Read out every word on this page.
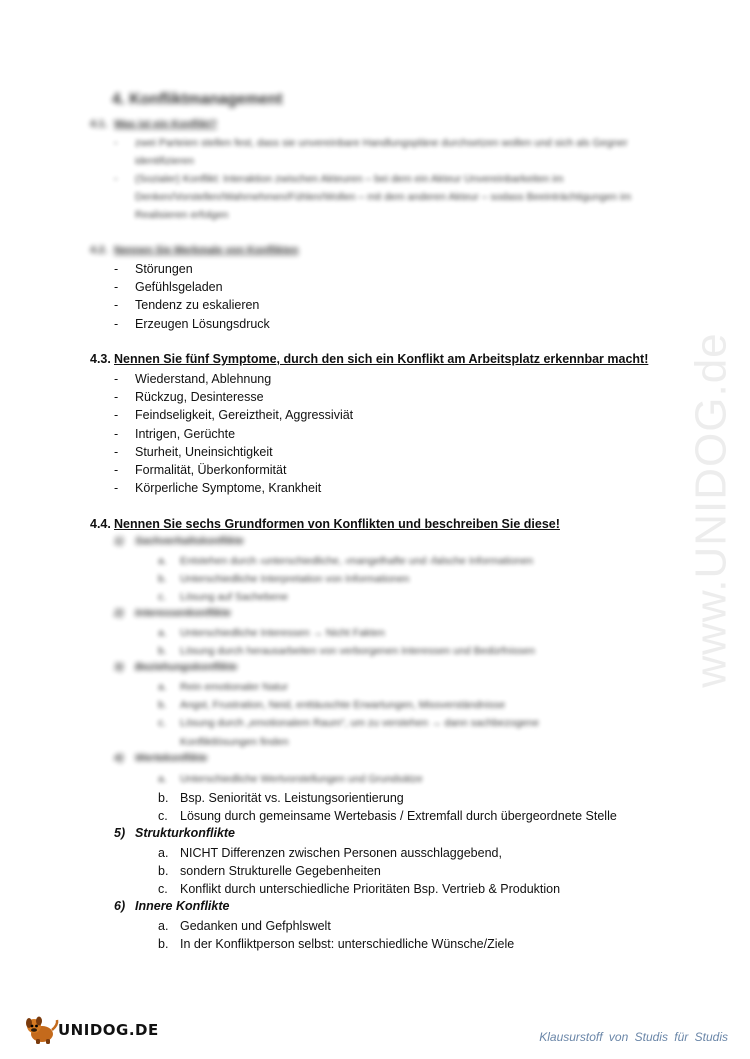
www.UNIDOG.de
4. Konfliktmanagement
4.1. Was ist ein Konflikt?
- zwei Parteien stellen fest, dass sie unvereinbare Handlungspläne durchsetzen wollen und sich als Gegner identifizieren
- (Sozialer) Konflikt: Interaktion zwischen Akteuren – bei dem ein Akteur Unvereinbarkeiten im Denken/Vorstellen/Wahrnehmen/Fühlen/Wollen – mit dem anderen Akteur – sodass Beeinträchtigungen im Realisieren erfolgen
4.2. Nennen Sie Merkmale von Konflikten
- Störungen
- Gefühlsgeladen
- Tendenz zu eskalieren
- Erzeugen Lösungsdruck
4.3. Nennen Sie fünf Symptome, durch den sich ein Konflikt am Arbeitsplatz erkennbar macht!
- Wiederstand, Ablehnung
- Rückzug, Desinteresse
- Feindseligkeit, Gereiztheit, Aggressiviät
- Intrigen, Gerüchte
- Sturheit, Uneinsichtigkeit
- Formalität, Überkonformität
- Körperliche Symptome, Krankheit
4.4. Nennen Sie sechs Grundformen von Konflikten und beschreiben Sie diese!
1) Sachverhaltskonflikte
a. Entstehen durch ›unterschiedliche, ›mangelhafte und ›falsche Informationen
b. Unterschiedliche Interpretation von Informationen
c. Lösung auf Sachebene
2) Interessenkonflikte
a. Unterschiedliche Interessen → Nicht Fakten
b. Lösung durch herausarbeiten von verborgenen Interessen und Bedürfnissen
3) Beziehungskonflikte
a. Rein emotionaler Natur
b. Angst, Frustration, Neid, enttäuschte Erwartungen, Missverständnisse
c. Lösung durch „emotionalem Raum“, um zu verstehen → dann sachbezogene
Konfliktlösungen finden
4) Wertekonflikte
a. Unterschiedliche Wertvorstellungen und Grundsätze
b. Bsp. Seniorität vs. Leistungsorientierung
c. Lösung durch gemeinsame Wertebasis / Extremfall durch übergeordnete Stelle
5) Strukturkonflikte
a. NICHT Differenzen zwischen Personen ausschlaggebend,
b. sondern Strukturelle Gegebenheiten
c. Konflikt durch unterschiedliche Prioritäten Bsp. Vertrieb & Produktion
6) Innere Konflikte
a. Gedanken und Gefphlswelt
b. In der Konfliktperson selbst: unterschiedliche Wünsche/Ziele
UNIDOG.DE	Klausurstoff von Studis für Studis
